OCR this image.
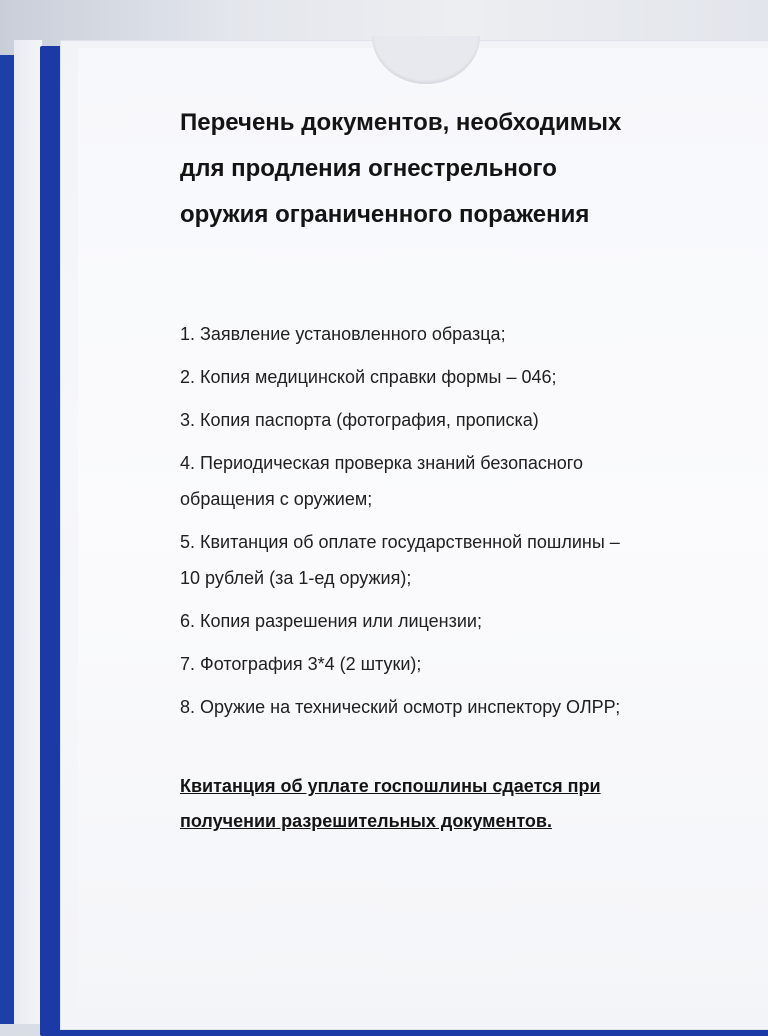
Перечень документов, необходимых
для продления огнестрельного
оружия ограниченного поражения
1. Заявление установленного образца;
2. Копия медицинской справки формы – 046;
3. Копия паспорта (фотография, прописка)
4. Периодическая проверка знаний безопасного
обращения с оружием;
5. Квитанция об оплате государственной пошлины –
10 рублей (за 1-ед оружия);
6. Копия разрешения или лицензии;
7. Фотография 3*4 (2 штуки);
8. Оружие на технический осмотр инспектору ОЛРР;
Квитанция об уплате госпошлины сдается при
получении разрешительных документов.
